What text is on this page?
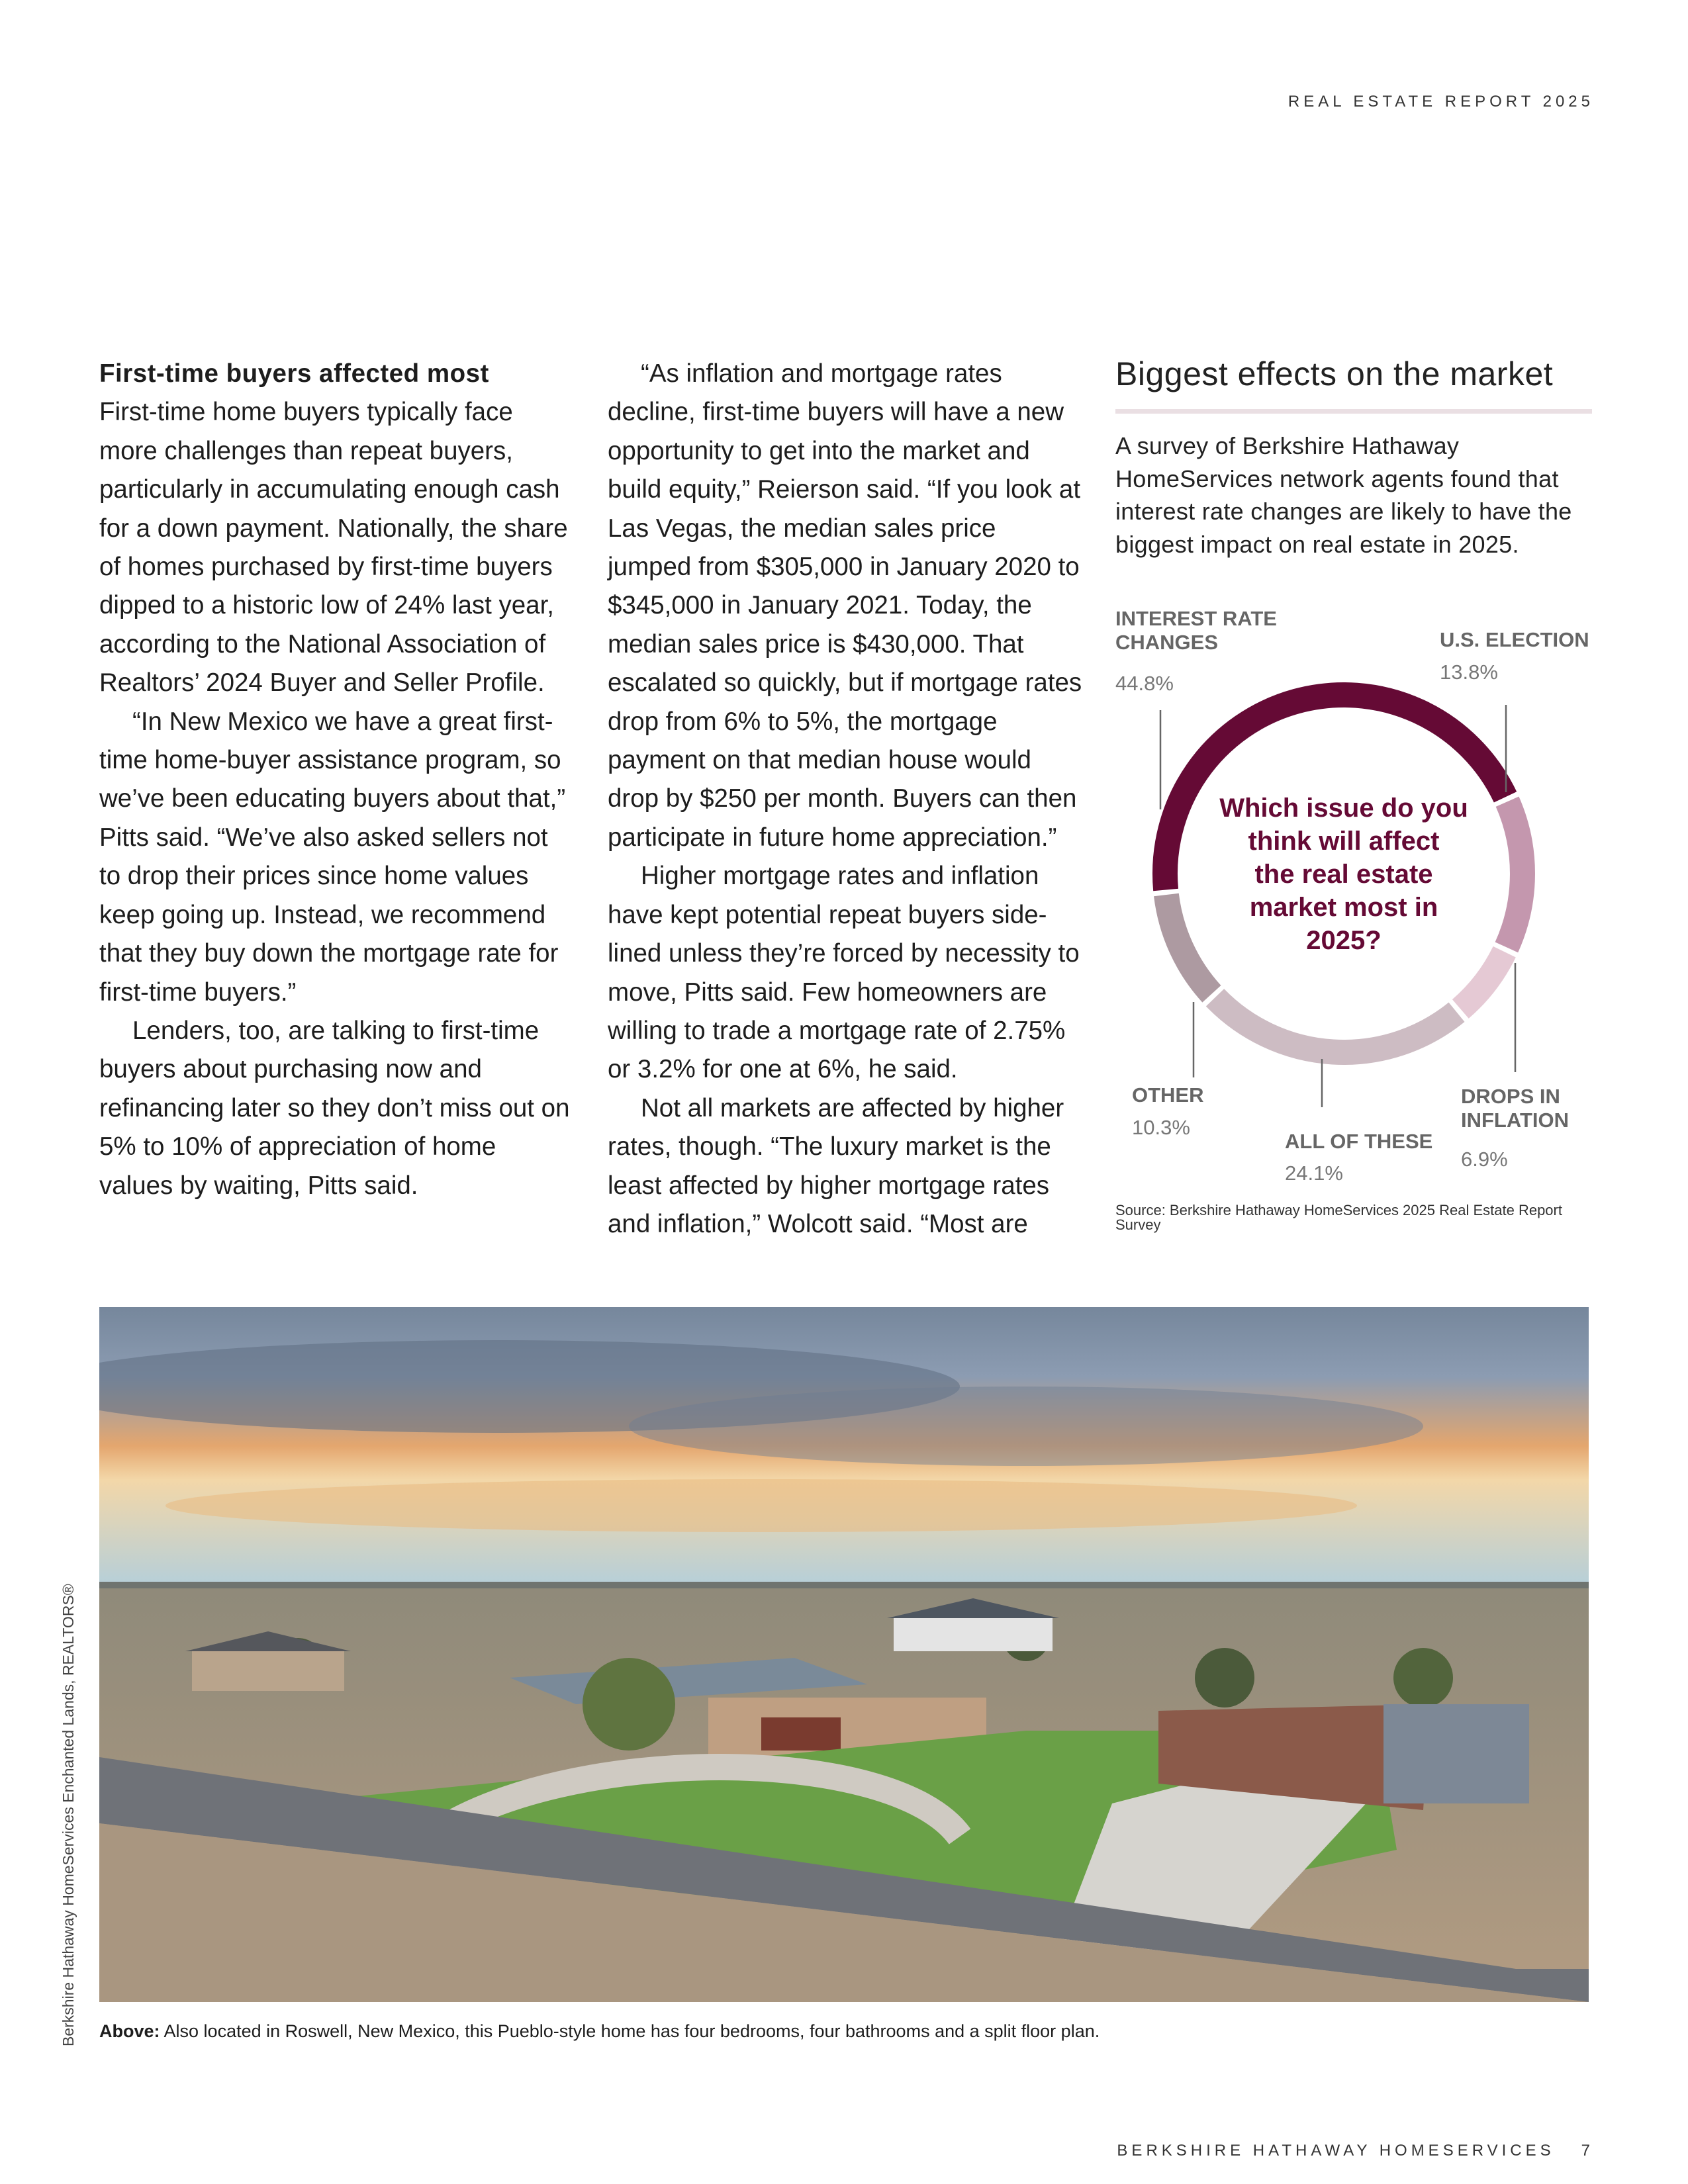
REAL ESTATE REPORT 2025

First-time buyers affected most
First-time home buyers typically face more challenges than repeat buyers, particularly in accumulating enough cash for a down payment. Nationally, the share of homes purchased by first-time buyers dipped to a historic low of 24% last year, according to the National Association of Realtors’ 2024 Buyer and Seller Profile.

“In New Mexico we have a great first-time home-buyer assistance program, so we’ve been educating buyers about that,” Pitts said. “We’ve also asked sellers not to drop their prices since home values keep going up. Instead, we recommend that they buy down the mortgage rate for first-time buyers.”

Lenders, too, are talking to first-time buyers about purchasing now and refinancing later so they don’t miss out on 5% to 10% of appreciation of home values by waiting, Pitts said.

“As inflation and mortgage rates decline, first-time buyers will have a new opportunity to get into the market and build equity,” Reierson said. “If you look at Las Vegas, the median sales price jumped from $305,000 in January 2020 to $345,000 in January 2021. Today, the median sales price is $430,000. That escalated so quickly, but if mortgage rates drop from 6% to 5%, the mortgage payment on that median house would drop by $250 per month. Buyers can then participate in future home appreciation.”

Higher mortgage rates and inflation have kept potential repeat buyers side-lined unless they’re forced by necessity to move, Pitts said. Few homeowners are willing to trade a mortgage rate of 2.75% or 3.2% for one at 6%, he said.

Not all markets are affected by higher rates, though. “The luxury market is the least affected by higher mortgage rates and inflation,” Wolcott said. “Most are

Biggest effects on the market
A survey of Berkshire Hathaway HomeServices network agents found that interest rate changes are likely to have the biggest impact on real estate in 2025.
INTEREST RATE CHANGES
44.8%
U.S. ELECTION
13.8%
DROPS IN INFLATION
6.9%
ALL OF THESE
24.1%
OTHER
10.3%
Which issue do you think will affect the real estate market most in 2025?
Source: Berkshire Hathaway HomeServices 2025 Real Estate Report Survey
Above: Also located in Roswell, New Mexico, this Pueblo-style home has four bedrooms, four bathrooms and a split floor plan.
Berkshire Hathaway HomeServices Enchanted Lands, REALTORS®
BERKSHIRE HATHAWAY HOMESERVICES 7
